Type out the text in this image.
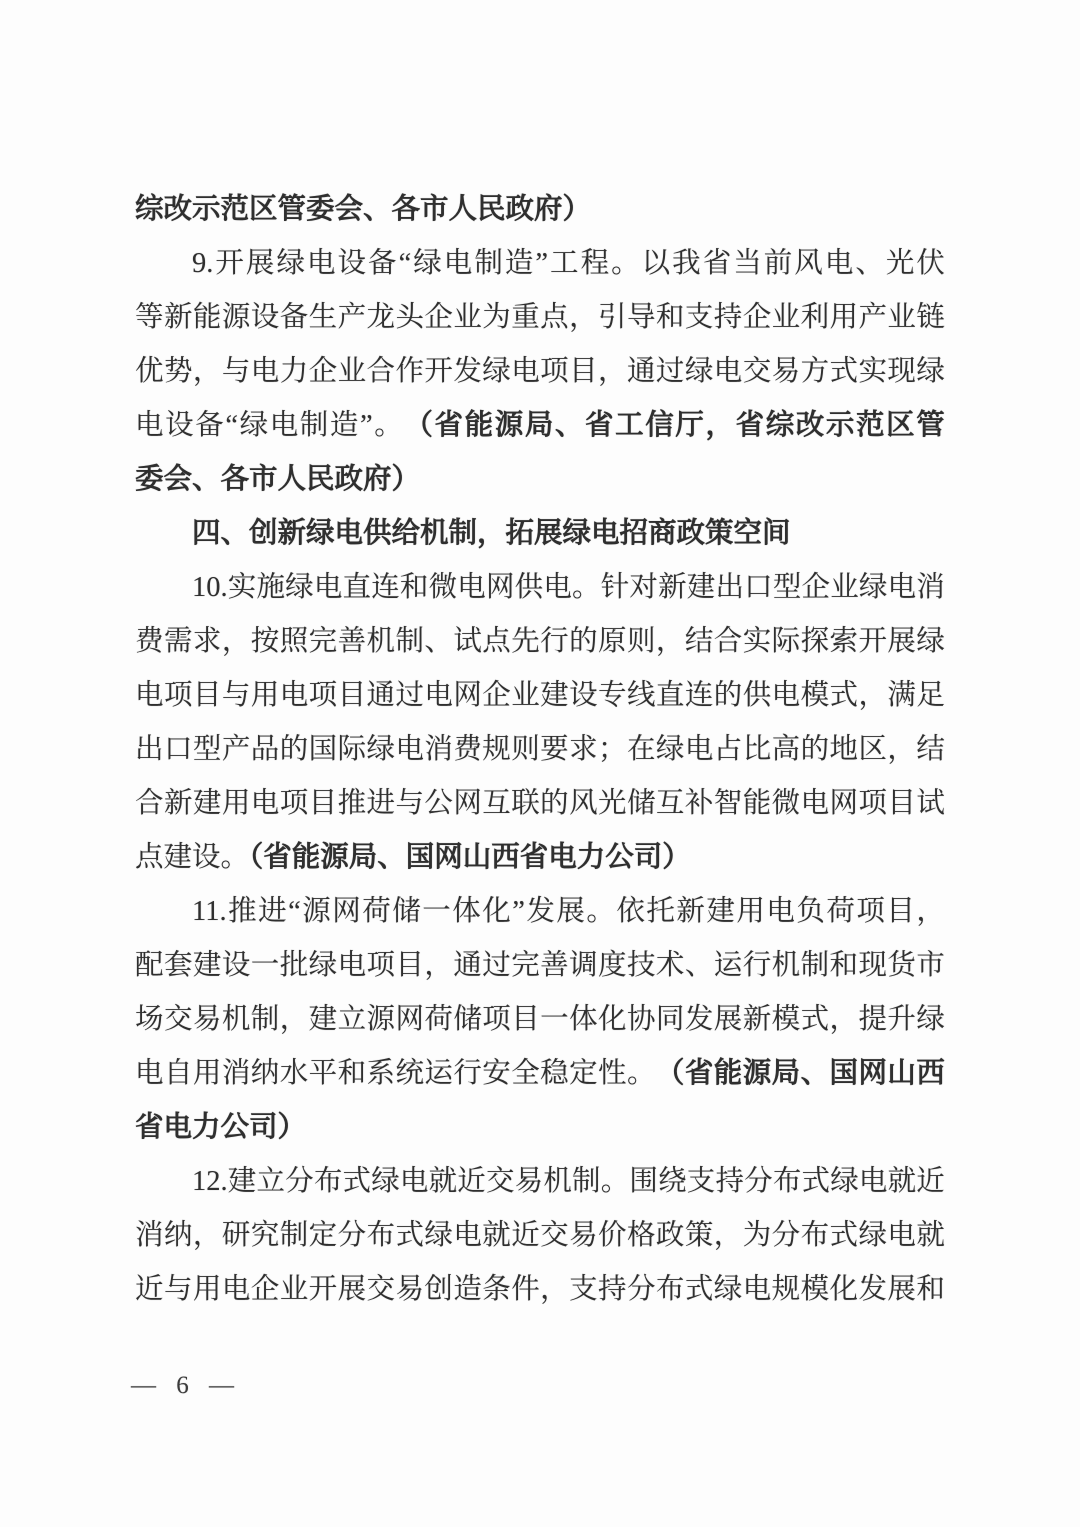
综改示范区管委会、各市人民政府）
9. 开 展 绿 电 设 备 “ 绿 电 制 造 ” 工 程 。 以 我 省 当 前 风 电 、 光 伏
等 新 能 源 设 备 生 产 龙 头 企 业 为 重 点 ， 引 导 和 支 持 企 业 利 用 产 业 链
优 势 ， 与 电 力 企 业 合 作 开 发 绿 电 项 目 ， 通 过 绿 电 交 易 方 式 实 现 绿
电 设 备 “ 绿 电 制 造 ” 。 （ 省 能 源 局 、 省 工 信 厅 ， 省 综 改 示 范 区 管
委会、各市人民政府）
四、创新绿电供给机制，拓展绿电招商政策空间
10. 实 施 绿 电 直 连 和 微 电 网 供 电 。 针 对 新 建 出 口 型 企 业 绿 电 消
费 需 求 ， 按 照 完 善 机 制 、 试 点 先 行 的 原 则 ， 结 合 实 际 探 索 开 展 绿
电 项 目 与 用 电 项 目 通 过 电 网 企 业 建 设 专 线 直 连 的 供 电 模 式 ， 满 足
出 口 型 产 品 的 国 际 绿 电 消 费 规 则 要 求 ； 在 绿 电 占 比 高 的 地 区 ， 结
合 新 建 用 电 项 目 推 进 与 公 网 互 联 的 风 光 储 互 补 智 能 微 电 网 项 目 试
点建设。（省能源局、国网山西省电力公司）
11. 推 进 “ 源 网 荷 储 一 体 化 ” 发 展 。 依 托 新 建 用 电 负 荷 项 目 ，
配 套 建 设 一 批 绿 电 项 目 ， 通 过 完 善 调 度 技 术 、 运 行 机 制 和 现 货 市
场 交 易 机 制 ， 建 立 源 网 荷 储 项 目 一 体 化 协 同 发 展 新 模 式 ， 提 升 绿
电 自 用 消 纳 水 平 和 系 统 运 行 安 全 稳 定 性 。 （ 省 能 源 局 、 国 网 山 西
省电力公司）
12. 建 立 分 布 式 绿 电 就 近 交 易 机 制 。 围 绕 支 持 分 布 式 绿 电 就 近
消 纳 ， 研 究 制 定 分 布 式 绿 电 就 近 交 易 价 格 政 策 ， 为 分 布 式 绿 电 就
近 与 用 电 企 业 开 展 交 易 创 造 条 件 ， 支 持 分 布 式 绿 电 规 模 化 发 展 和
— 6 —
